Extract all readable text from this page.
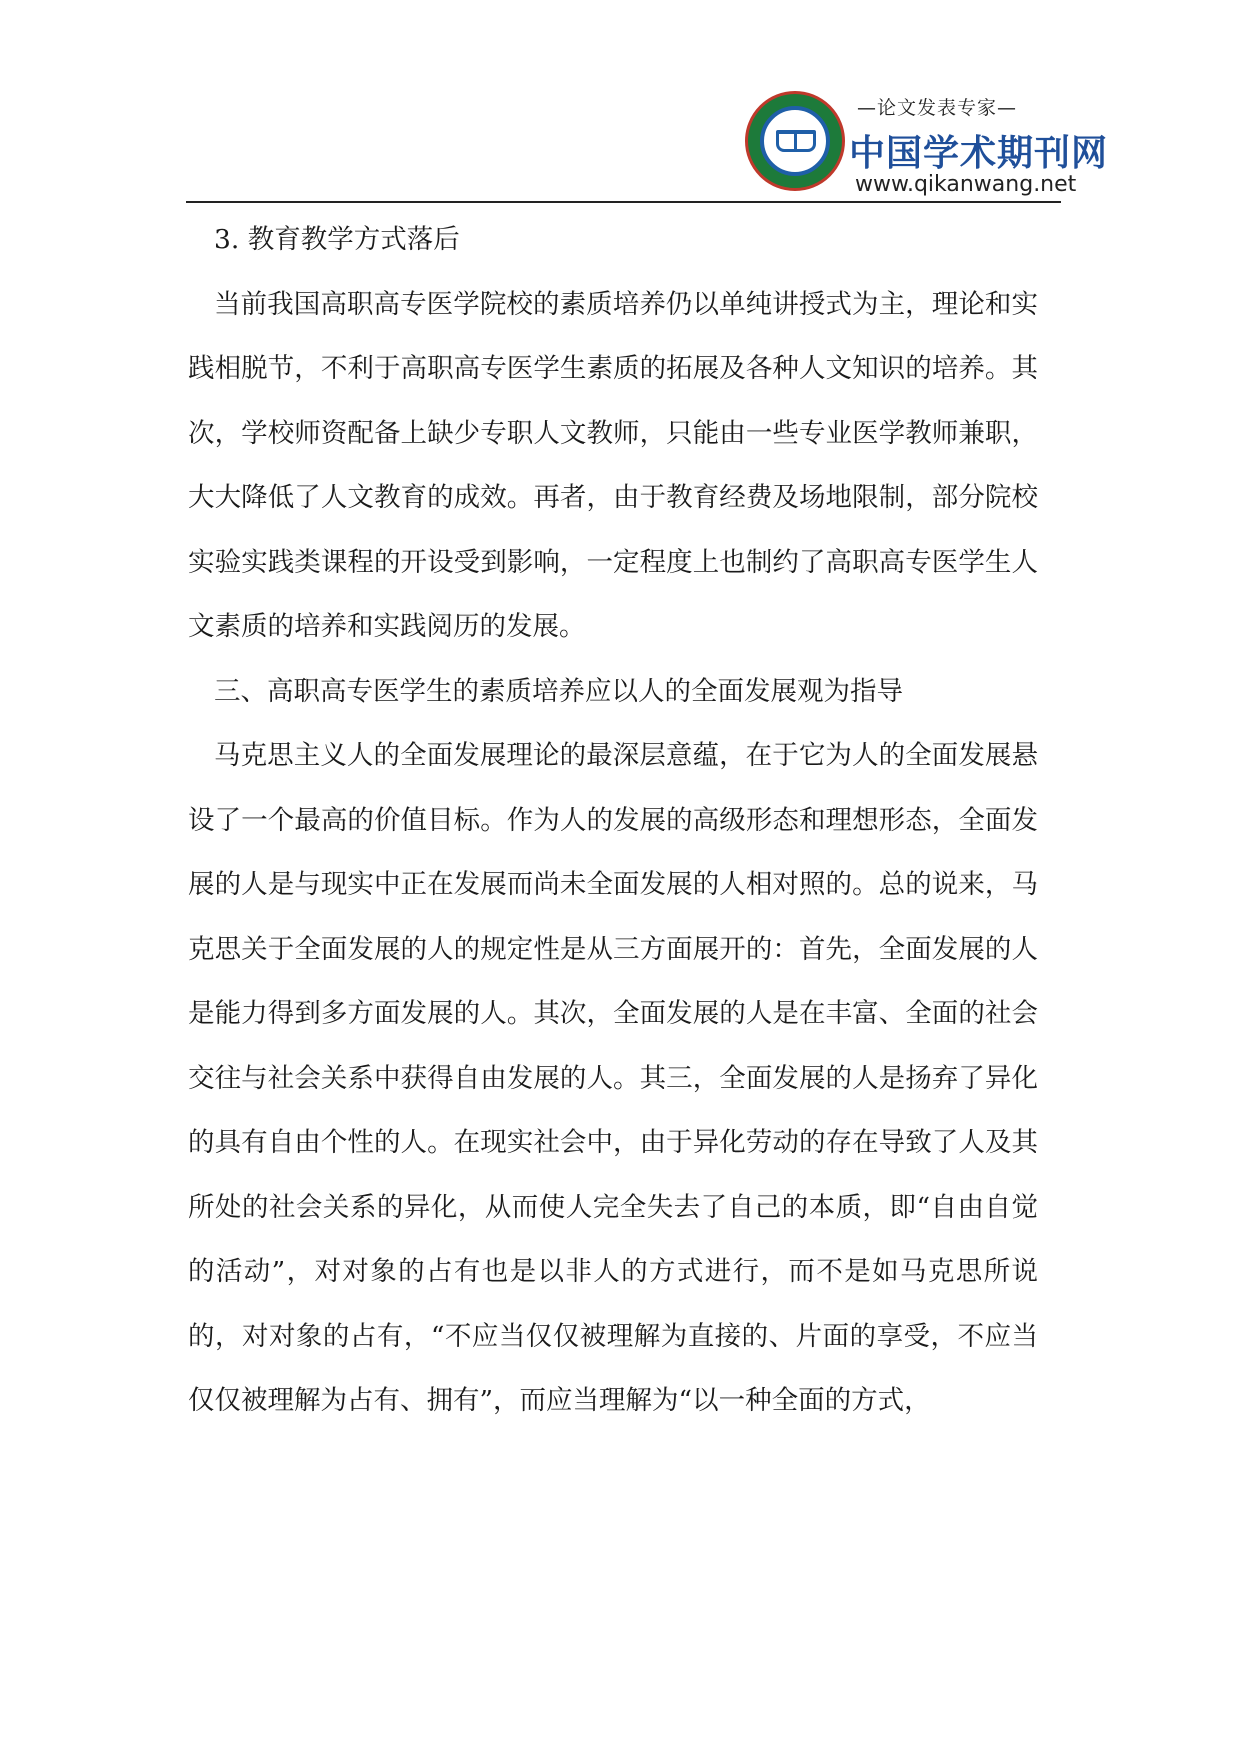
—论文发表专家—
中国学术期刊网
www.qikanwang.net

3. 教育教学方式落后

当前我国高职高专医学院校的素质培养仍以单纯讲授式为主，理论和实践相脱节，不利于高职高专医学生素质的拓展及各种人文知识的培养。其次，学校师资配备上缺少专职人文教师，只能由一些专业医学教师兼职，大大降低了人文教育的成效。再者，由于教育经费及场地限制，部分院校实验实践类课程的开设受到影响，一定程度上也制约了高职高专医学生人文素质的培养和实践阅历的发展。

三、高职高专医学生的素质培养应以人的全面发展观为指导

马克思主义人的全面发展理论的最深层意蕴，在于它为人的全面发展悬设了一个最高的价值目标。作为人的发展的高级形态和理想形态，全面发展的人是与现实中正在发展而尚未全面发展的人相对照的。总的说来，马克思关于全面发展的人的规定性是从三方面展开的：首先，全面发展的人是能力得到多方面发展的人。其次，全面发展的人是在丰富、全面的社会交往与社会关系中获得自由发展的人。其三，全面发展的人是扬弃了异化的具有自由个性的人。在现实社会中，由于异化劳动的存在导致了人及其所处的社会关系的异化，从而使人完全失去了自己的本质，即“自由自觉的活动”，对对象的占有也是以非人的方式进行，而不是如马克思所说的，对对象的占有，“不应当仅仅被理解为直接的、片面的享受，不应当仅仅被理解为占有、拥有”，而应当理解为“以一种全面的方式，
